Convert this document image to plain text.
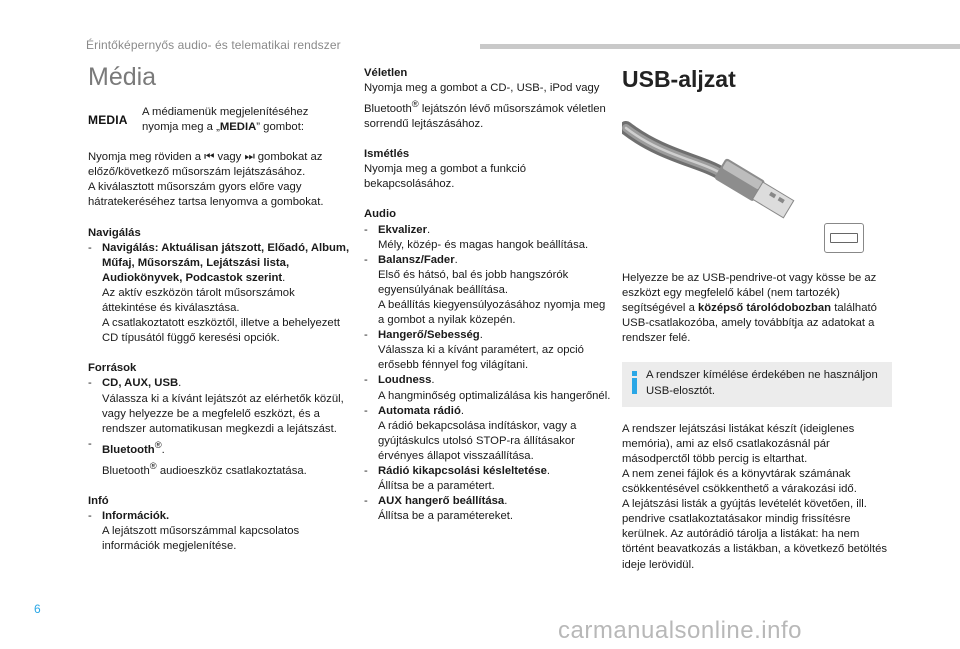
Érintőképernyős audio- és telematikai rendszer
Média
MEDIA
A médiamenük megjelenítéséhez nyomja meg a „MEDIA” gombot:

Nyomja meg röviden a ⏮ vagy ⏭ gombokat az előző/következő műsorszám lejátszásához.

A kiválasztott műsorszám gyors előre vagy hátratekeréséhez tartsa lenyomva a gombokat.

Navigálás

- Navigálás: Aktuálisan játszott, Előadó, Album, Műfaj, Műsorszám, Lejátszási lista, Audiokönyvek, Podcastok szerint.

Az aktív eszközön tárolt műsorszámok áttekintése és kiválasztása.

A csatlakoztatott eszköztől, illetve a behelyezett CD típusától függő keresési opciók.

Források

- CD, AUX, USB.

Válassza ki a kívánt lejátszót az elérhetők közül, vagy helyezze be a megfelelő eszközt, és a rendszer automatikusan megkezdi a lejátszást.

- Bluetooth®.

Bluetooth® audioeszköz csatlakoztatása.

Infó

- Információk.

A lejátszott műsorszámmal kapcsolatos információk megjelenítése.

Véletlen

Nyomja meg a gombot a CD-, USB-, iPod vagy Bluetooth® lejátszón lévő műsorszámok véletlen sorrendű lejtászásához.

Ismétlés

Nyomja meg a gombot a funkció bekapcsolásához.

Audio

- Ekvalizer.

Mély, közép- és magas hangok beállítása.

- Balansz/Fader.

Első és hátsó, bal és jobb hangszórók egyensúlyának beállítása.

A beállítás kiegyensúlyozásához nyomja meg a gombot a nyilak közepén.

- Hangerő/Sebesség.

Válassza ki a kívánt paramétert, az opció erősebb fénnyel fog világítani.

- Loudness.

A hangminőség optimalizálása kis hangerőnél.

- Automata rádió.

A rádió bekapcsolása indításkor, vagy a gyújtáskulcs utolsó STOP-ra állításakor érvényes állapot visszaállítása.

- Rádió kikapcsolási késleltetése.

Állítsa be a paramétert.

- AUX hangerő beállítása.

Állítsa be a paramétereket.

USB-aljzat

Helyezze be az USB-pendrive-ot vagy kösse be az eszközt egy megfelelő kábel (nem tartozék) segítségével a középső tárolódobozban található USB-csatlakozóba, amely továbbítja az adatokat a rendszer felé.

A rendszer kímélése érdekében ne használjon USB-elosztót.

A rendszer lejátszási listákat készít (ideiglenes memória), ami az első csatlakozásnál pár másodperctől több percig is eltarthat.

A nem zenei fájlok és a könyvtárak számának csökkentésével csökkenthető a várakozási idő.

A lejátszási listák a gyújtás levételét követően, ill. pendrive csatlakoztatásakor mindig frissítésre kerülnek. Az autórádió tárolja a listákat: ha nem történt beavatkozás a listákban, a következő betöltés ideje lerövidül.

6
carmanualsonline.info
